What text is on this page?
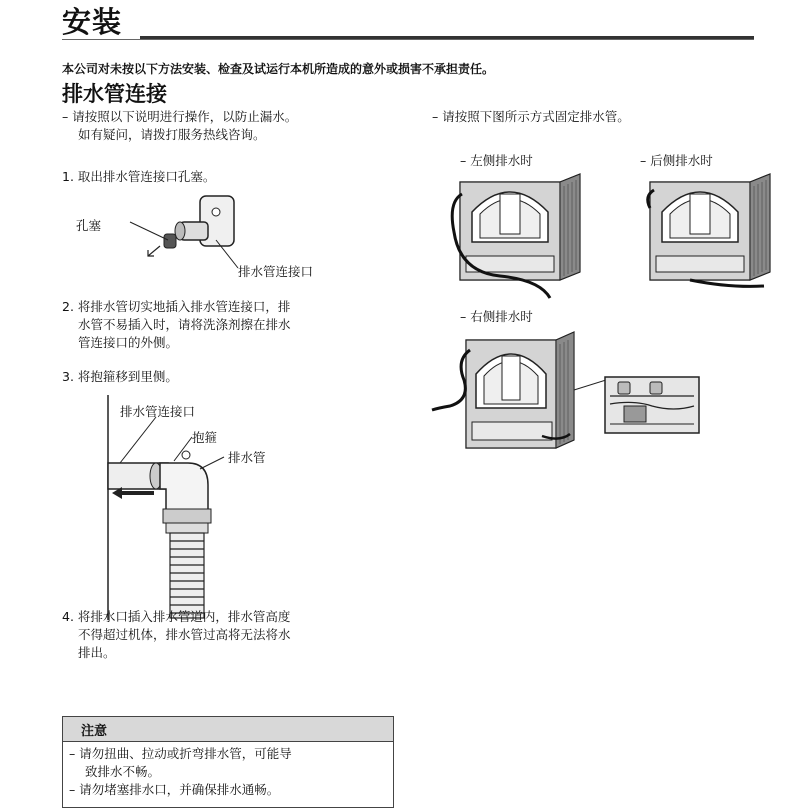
安装
本公司对未按以下方法安装、检查及试运行本机所造成的意外或损害不承担责任。
排水管连接
– 请按照以下说明进行操作，以防止漏水。
如有疑问，请拨打服务热线咨询。
1. 取出排水管连接口孔塞。
孔塞
排水管连接口
2. 将排水管切实地插入排水管连接口，排
水管不易插入时，请将洗涤剂擦在排水
管连接口的外侧。
3. 将抱箍移到里侧。
排水管连接口
抱箍
排水管
4. 将排水口插入排水管道内，排水管高度
不得超过机体，排水管过高将无法将水
排出。
注意
– 请勿扭曲、拉动或折弯排水管，可能导
致排水不畅。
– 请勿堵塞排水口，并确保排水通畅。
– 请按照下图所示方式固定排水管。
– 左侧排水时	– 后侧排水时
– 右侧排水时
